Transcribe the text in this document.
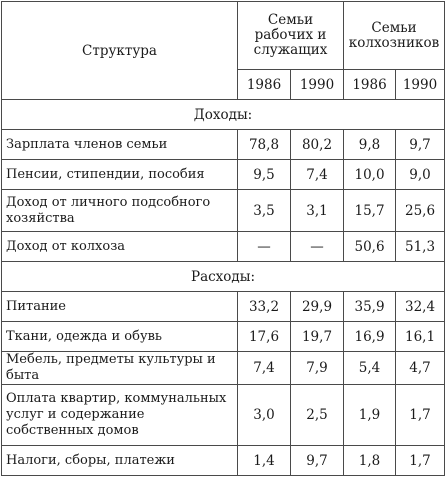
Структура	Семьи рабочих и служащих		Семьи колхозников	
	1986	1990	1986	1990
Доходы:				
Зарплата членов семьи	78,8	80,2	9,8	9,7
Пенсии, стипендии, пособия	9,5	7,4	10,0	9,0
Доход от личного подсобного хозяйства	3,5	3,1	15,7	25,6
Доход от колхоза	—	—	50,6	51,3
Расходы:				
Питание	33,2	29,9	35,9	32,4
Ткани, одежда и обувь	17,6	19,7	16,9	16,1
Мебель, предметы культуры и быта	7,4	7,9	5,4	4,7
Оплата квартир, коммунальных услуг и содержание собственных домов	3,0	2,5	1,9	1,7
Налоги, сборы, платежи	1,4	9,7	1,8	1,7
